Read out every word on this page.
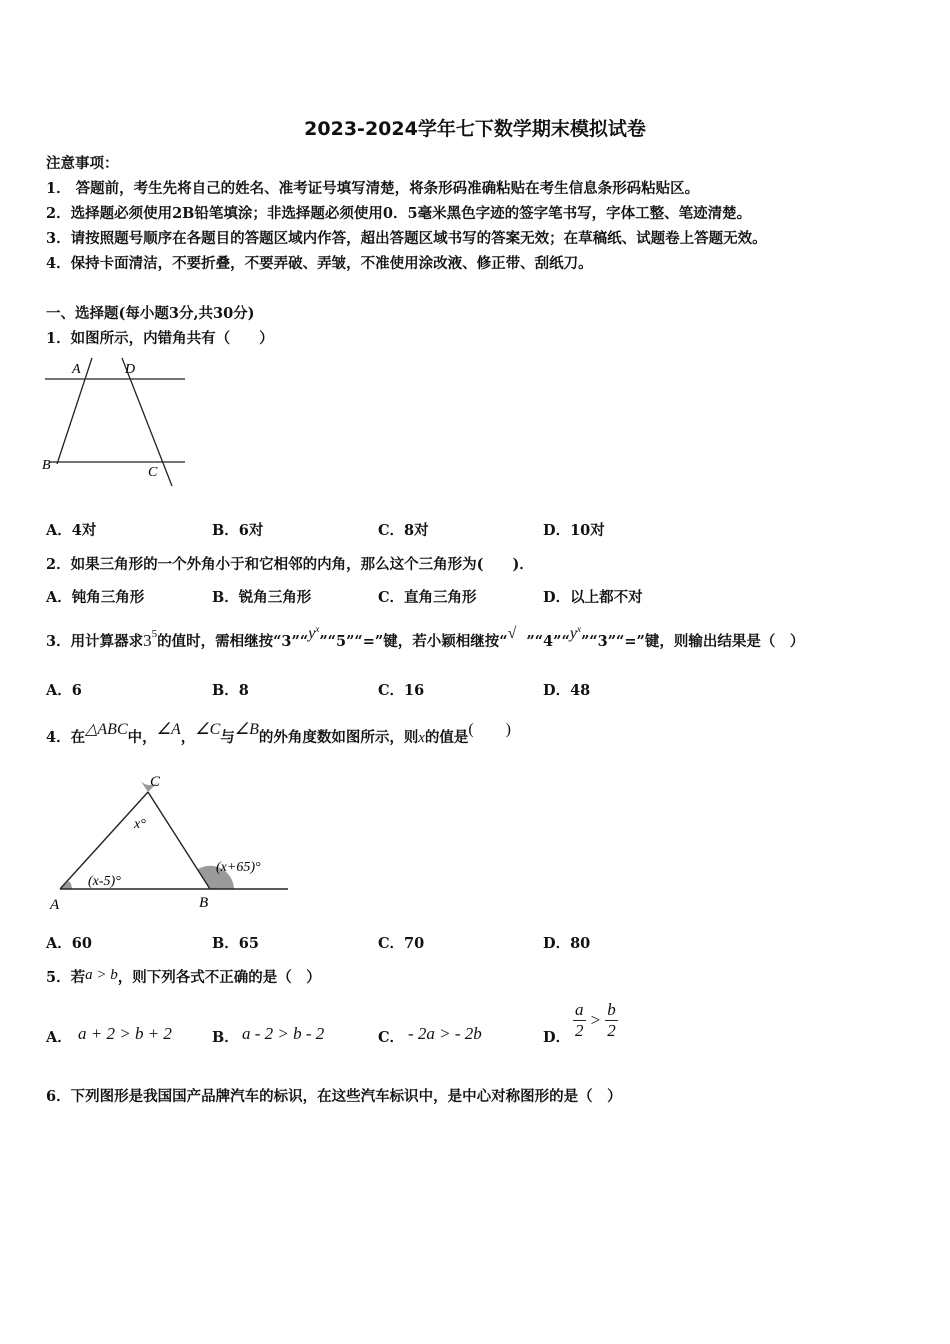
2023-2024学年七下数学期末模拟试卷
注意事项：
1． 答题前，考生先将自己的姓名、准考证号填写清楚，将条形码准确粘贴在考生信息条形码粘贴区。
2．选择题必须使用2B铅笔填涂；非选择题必须使用0．5毫米黑色字迹的签字笔书写，字体工整、笔迹清楚。
3．请按照题号顺序在各题目的答题区域内作答，超出答题区域书写的答案无效；在草稿纸、试题卷上答题无效。
4．保持卡面清洁，不要折叠，不要弄破、弄皱，不准使用涂改液、修正带、刮纸刀。
一、选择题(每小题3分,共30分)
1．如图所示，内错角共有（　　）
A	D
B	C
A．4对	B．6对	C．8对	D．10对
2．如果三角形的一个外角小于和它相邻的内角，那么这个三角形为(　　)．
A．钝角三角形	B．锐角三角形	C．直角三角形	D．以上都不对
3．用计算器求$3^5$的值时，需相继按“$3”“y^x”“5”“=$”键，若小颖相继按“√ $”“4”“y^x”“3”“=$”键，则输出结果是（　）
A．6	B．8	C．16	D．48
4．在△ABC中，∠A，∠C与∠B的外角度数如图所示，则x的值是(　　)
C
x°
(x-5)°
(x+65)°
A	B
A．60	B．65	C．70	D．80
5．若a > b，则下列各式不正确的是（　）
A． a + 2 > b + 2	B． a - 2 > b - 2	C． - 2a > - 2b	D． $\frac{a}{2} > \frac{b}{2}$
6．下列图形是我国国产品牌汽车的标识，在这些汽车标识中，是中心对称图形的是（　）
